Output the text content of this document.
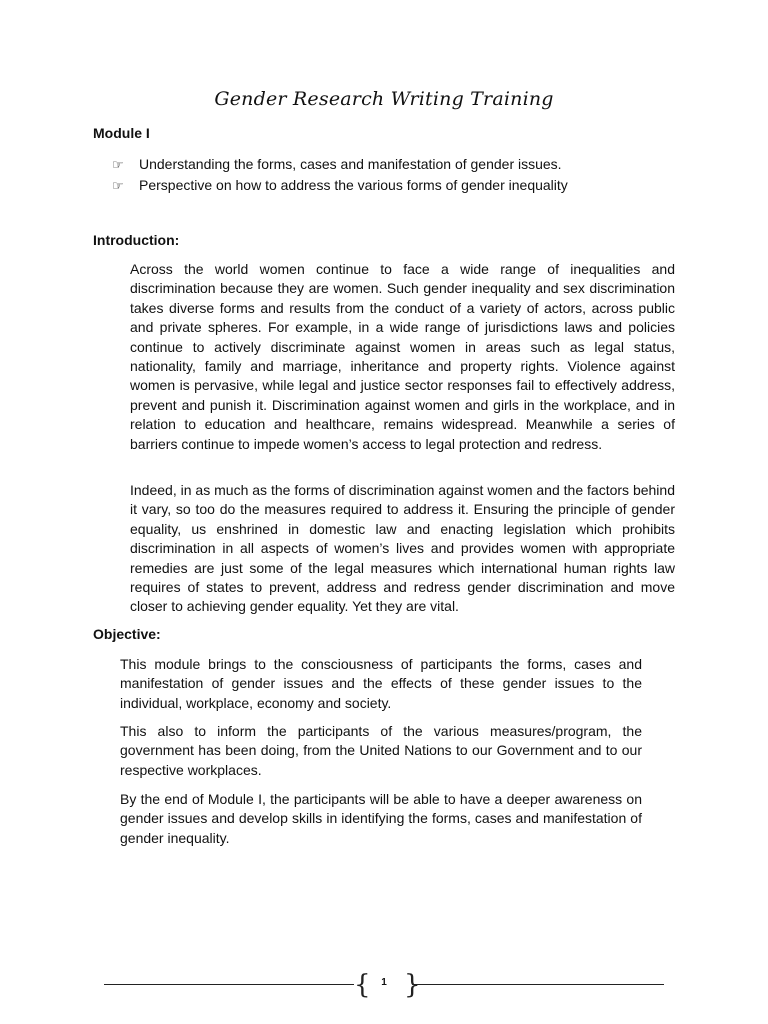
Gender Research Writing Training
Module I
☞	Understanding the forms, cases and manifestation of gender issues.
☞	Perspective on how to address the various forms of gender inequality
Introduction:

Across the world women continue to face a wide range of inequalities and discrimination because they are women. Such gender inequality and sex discrimination takes diverse forms and results from the conduct of a variety of actors, across public and private spheres. For example, in a wide range of jurisdictions laws and policies continue to actively discriminate against women in areas such as legal status, nationality, family and marriage, inheritance and property rights. Violence against women is pervasive, while legal and justice sector responses fail to effectively address, prevent and punish it. Discrimination against women and girls in the workplace, and in relation to education and healthcare, remains widespread. Meanwhile a series of barriers continue to impede women’s access to legal protection and redress.

Indeed, in as much as the forms of discrimination against women and the factors behind it vary, so too do the measures required to address it. Ensuring the principle of gender equality, us enshrined in domestic law and enacting legislation which prohibits discrimination in all aspects of women’s lives and provides women with appropriate remedies are just some of the legal measures which international human rights law requires of states to prevent, address and redress gender discrimination and move closer to achieving gender equality. Yet they are vital.

Objective:

This module brings to the consciousness of participants the forms, cases and manifestation of gender issues and the effects of these gender issues to the individual, workplace, economy and society.

This also to inform the participants of the various measures/program, the government has been doing, from the United Nations to our Government and to our respective workplaces.

By the end of Module I, the participants will be able to have a deeper awareness on gender issues and develop skills in identifying the forms, cases and manifestation of gender inequality.

{	1 }
